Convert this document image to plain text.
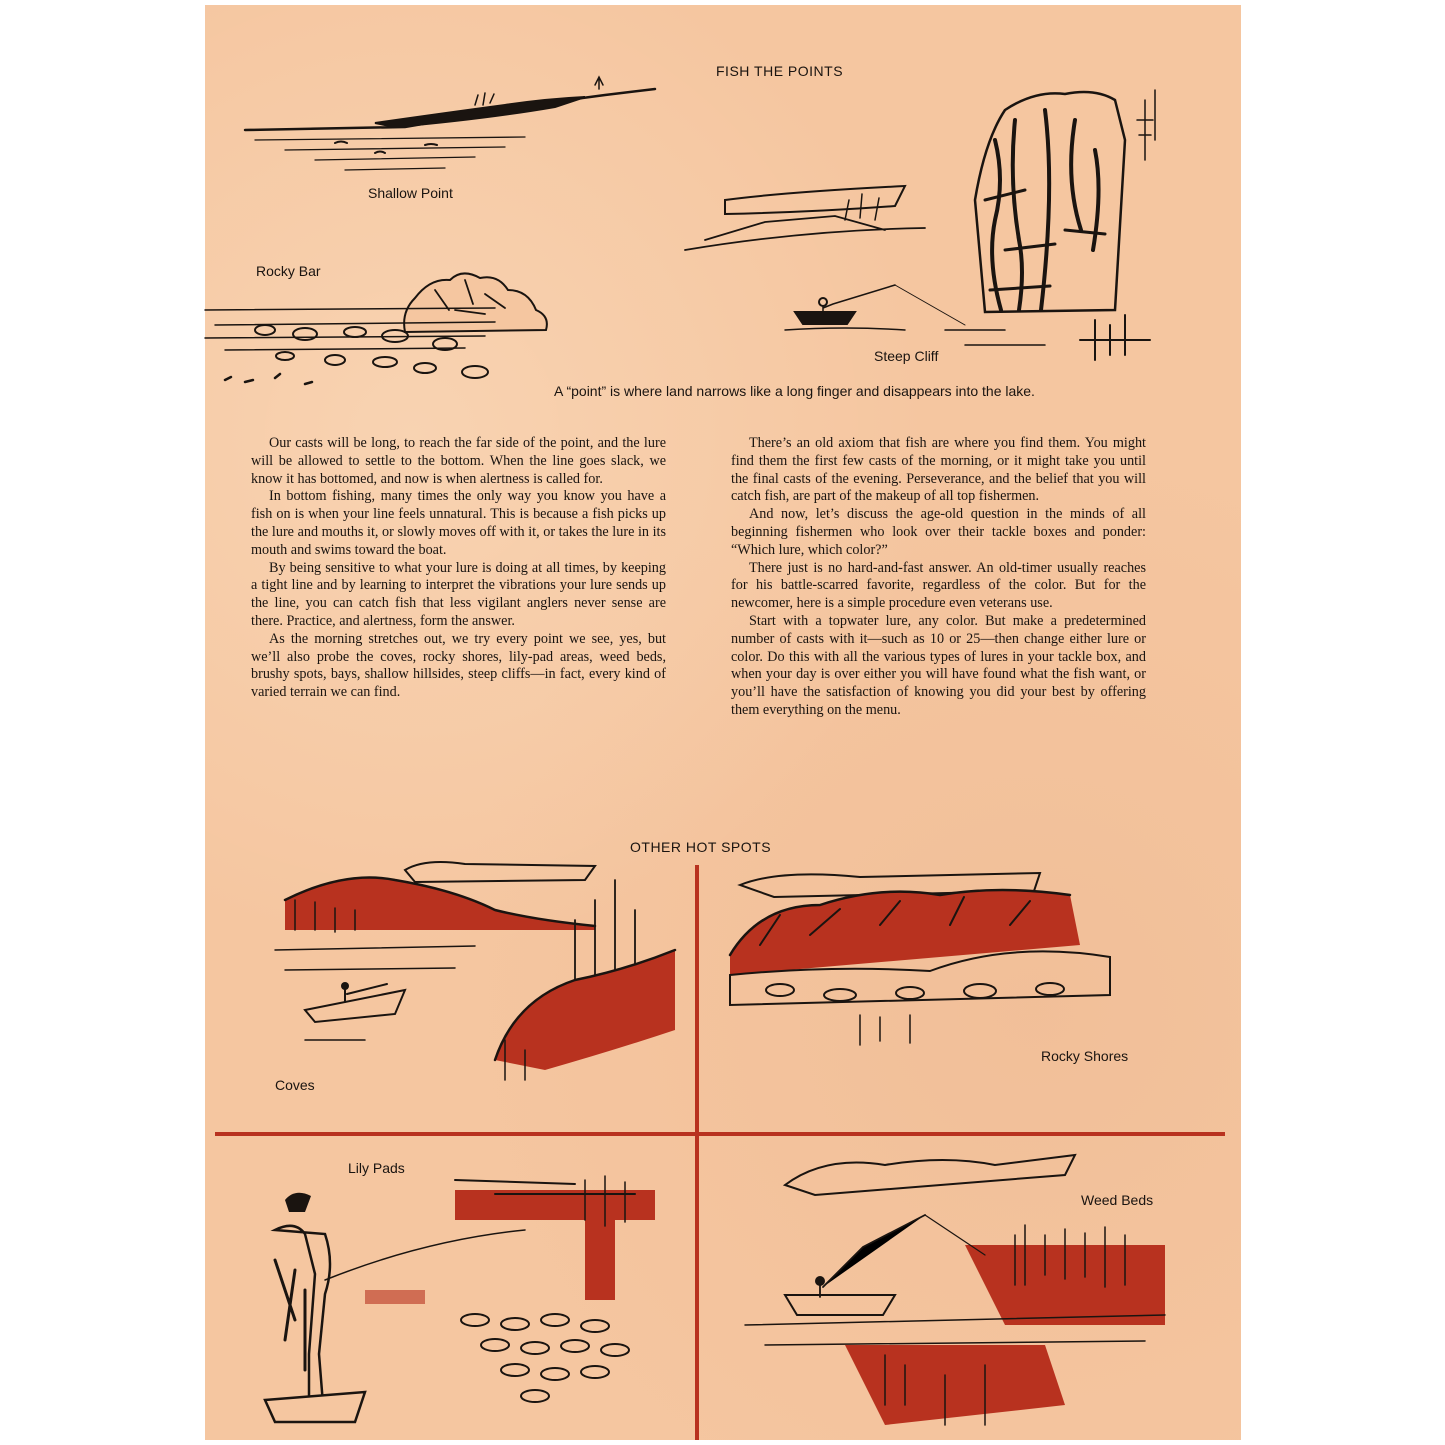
FISH THE POINTS
Shallow Point
Rocky Bar
Steep Cliff
A “point” is where land narrows like a long finger and disappears into the lake.

Our casts will be long, to reach the far side of the point, and the lure will be allowed to settle to the bottom. When the line goes slack, we know it has bottomed, and now is when alertness is called for.

In bottom fishing, many times the only way you know you have a fish on is when your line feels unnatural. This is because a fish picks up the lure and mouths it, or slowly moves off with it, or takes the lure in its mouth and swims toward the boat.

By being sensitive to what your lure is doing at all times, by keeping a tight line and by learning to interpret the vibrations your lure sends up the line, you can catch fish that less vigilant anglers never sense are there. Practice, and alertness, form the answer.

As the morning stretches out, we try every point we see, yes, but we’ll also probe the coves, rocky shores, lily-pad areas, weed beds, brushy spots, bays, shallow hillsides, steep cliffs—in fact, every kind of varied terrain we can find.

There’s an old axiom that fish are where you find them. You might find them the first few casts of the morning, or it might take you until the final casts of the evening. Perseverance, and the belief that you will catch fish, are part of the makeup of all top fishermen.

And now, let’s discuss the age-old question in the minds of all beginning fishermen who look over their tackle boxes and ponder: “Which lure, which color?”

There just is no hard-and-fast answer. An old-timer usually reaches for his battle-scarred favorite, regardless of the color. But for the newcomer, here is a simple procedure even veterans use.

Start with a topwater lure, any color. But make a predetermined number of casts with it—such as 10 or 25—then change either lure or color. Do this with all the various types of lures in your tackle box, and when your day is over either you will have found what the fish want, or you’ll have the satisfaction of knowing you did your best by offering them everything on the menu.

OTHER HOT SPOTS
Coves
Rocky Shores
Lily Pads
Weed Beds
